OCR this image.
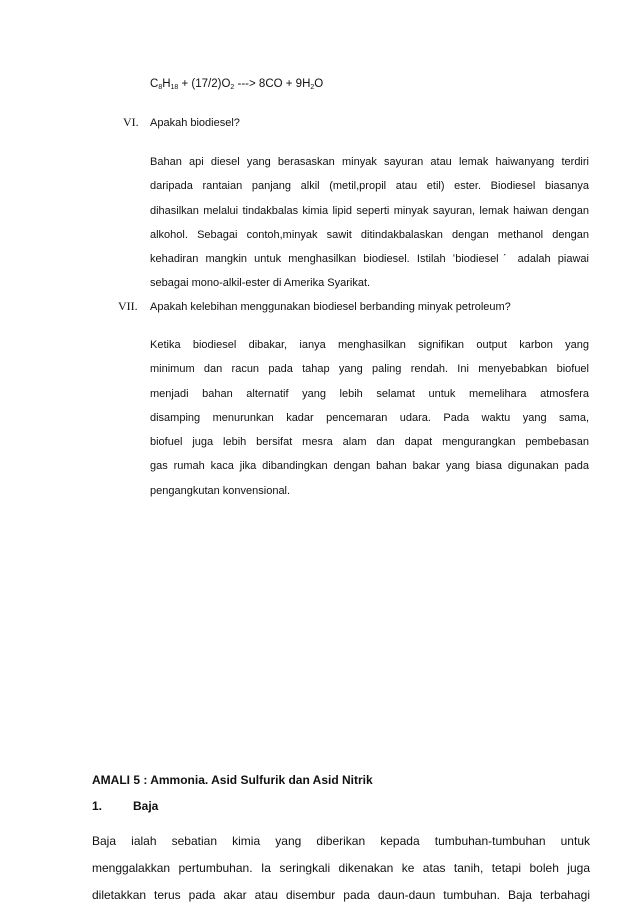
$C_8H_{18} + (17/2)O_2$ ---> $8CO + 9H_2O$
VI. Apakah biodiesel?
Bahan api diesel yang berasaskan minyak sayuran atau lemak haiwanyang terdiri
daripada rantaian panjang alkil (metil,propil atau etil) ester. Biodiesel biasanya
dihasilkan melalui tindakbalas kimia lipid seperti minyak sayuran, lemak haiwan dengan
alkohol. Sebagai contoh,minyak sawit ditindakbalaskan dengan methanol dengan
kehadiran mangkin untuk menghasilkan biodiesel. Istilah ʻbiodieselˊ adalah piawai
sebagai mono-alkil-ester di Amerika Syarikat.
VII. Apakah kelebihan menggunakan biodiesel berbanding minyak petroleum?
Ketika biodiesel dibakar, ianya menghasilkan signifikan output karbon yang
minimum dan racun pada tahap yang paling rendah. Ini menyebabkan biofuel
menjadi bahan alternatif yang lebih selamat untuk memelihara atmosfera
disamping menurunkan kadar pencemaran udara. Pada waktu yang sama,
biofuel juga lebih bersifat mesra alam dan dapat mengurangkan pembebasan
gas rumah kaca jika dibandingkan dengan bahan bakar yang biasa digunakan pada
pengangkutan konvensional.
AMALI 5 : Ammonia. Asid Sulfurik dan Asid Nitrik
1.	Baja
Baja ialah sebatian kimia yang diberikan kepada tumbuhan-tumbuhan untuk
menggalakkan pertumbuhan. Ia seringkali dikenakan ke atas tanih, tetapi boleh juga
diletakkan terus pada akar atau disembur pada daun-daun tumbuhan. Baja terbahagi
